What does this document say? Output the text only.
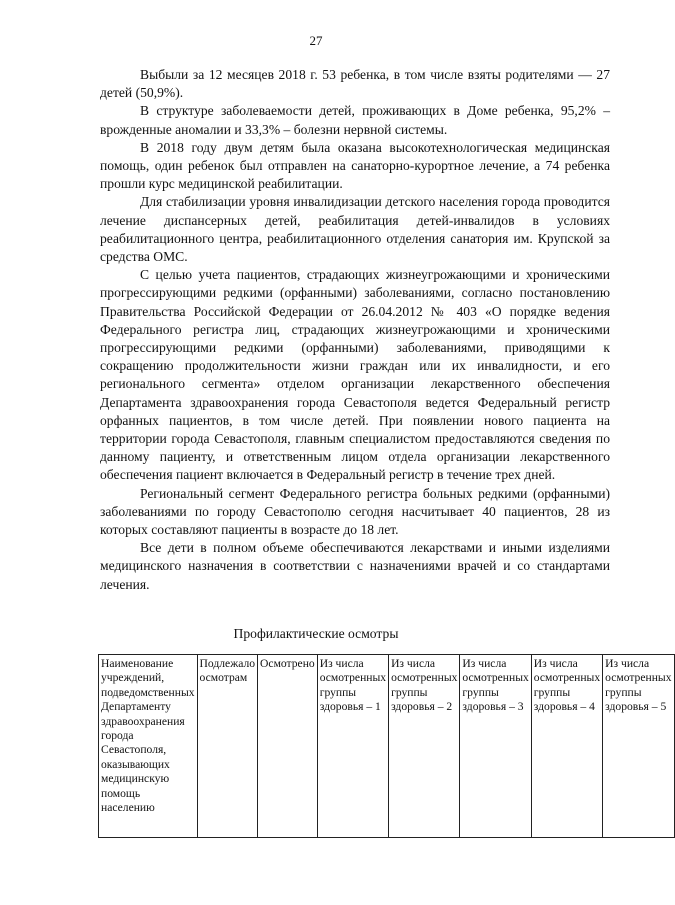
27

Выбыли за 12 месяцев 2018 г. 53 ребенка, в том числе взяты родителями — 27 детей (50,9%).

В структуре заболеваемости детей, проживающих в Доме ребенка, 95,2% – врожденные аномалии и 33,3% – болезни нервной системы.

В 2018 году двум детям была оказана высокотехнологическая медицинская помощь, один ребенок был отправлен на санаторно-курортное лечение, а 74 ребенка прошли курс медицинской реабилитации.

Для стабилизации уровня инвалидизации детского населения города проводится лечение диспансерных детей, реабилитация детей-инвалидов в условиях реабилитационного центра, реабилитационного отделения санатория им. Крупской за средства ОМС.

С целью учета пациентов, страдающих жизнеугрожающими и хроническими прогрессирующими редкими (орфанными) заболеваниями, согласно постановлению Правительства Российской Федерации от 26.04.2012 № 403 «О порядке ведения Федерального регистра лиц, страдающих жизнеугрожающими и хроническими прогрессирующими редкими (орфанными) заболеваниями, приводящими к сокращению продолжительности жизни граждан или их инвалидности, и его регионального сегмента» отделом организации лекарственного обеспечения Департамента здравоохранения города Севастополя ведется Федеральный регистр орфанных пациентов, в том числе детей. При появлении нового пациента на территории города Севастополя, главным специалистом предоставляются сведения по данному пациенту, и ответственным лицом отдела организации лекарственного обеспечения пациент включается в Федеральный регистр в течение трех дней.

Региональный сегмент Федерального регистра больных редкими (орфанными) заболеваниями по городу Севастополю сегодня насчитывает 40 пациентов, 28 из которых составляют пациенты в возрасте до 18 лет.

Все дети в полном объеме обеспечиваются лекарствами и иными изделиями медицинского назначения в соответствии с назначениями врачей и со стандартами лечения.

Профилактические осмотры
Наименование учреждений, подведомственных Департаменту здравоохранения города Севастополя, оказывающих медицинскую помощь населению	Подлежало осмотрам	Осмотрено	Из числа осмотренных группы здоровья – 1	Из числа осмотренных группы здоровья – 2	Из числа осмотренных группы здоровья – 3	Из числа осмотренных группы здоровья – 4	Из числа осмотренных группы здоровья – 5
